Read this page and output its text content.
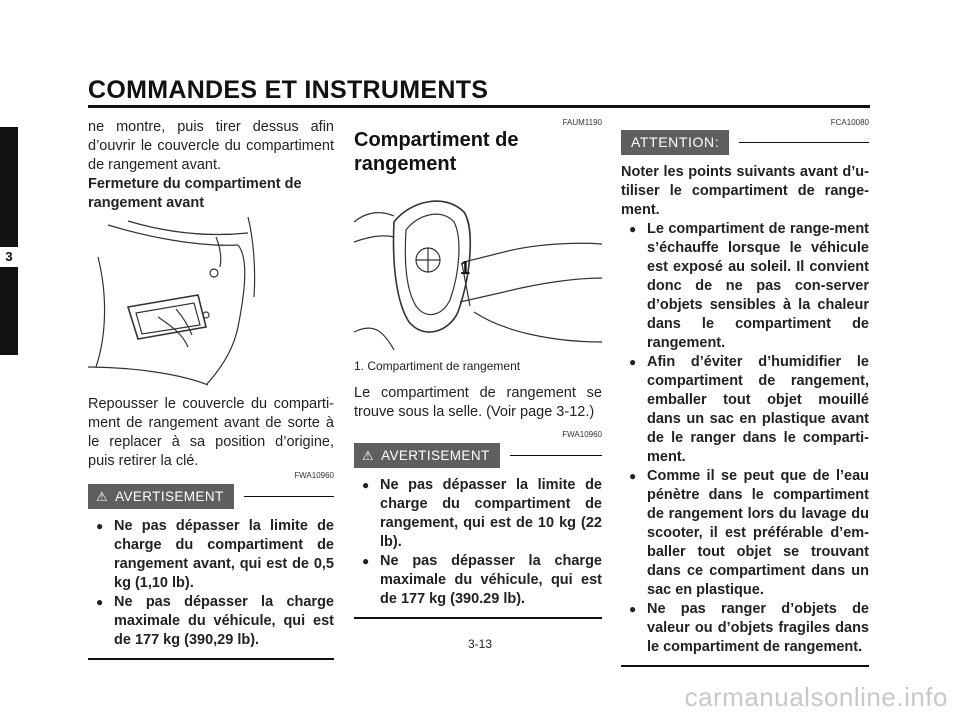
COMMANDES ET INSTRUMENTS
3

ne montre, puis tirer dessus afin d’ouvrir le couvercle du compartiment de rangement avant.

Fermeture du compartiment de rangement avant

Repousser le couvercle du comparti-ment de rangement avant de sorte à le replacer à sa position d’origine, puis retirer la clé.

FWA10960
⚠ AVERTISEMENT
● Ne pas dépasser la limite de charge du compartiment de rangement avant, qui est de 0,5 kg (1,10 lb).
● Ne pas dépasser la charge maximale du véhicule, qui est de 177 kg (390,29 lb).
FAUM1190
Compartiment de rangement
1
1. Compartiment de rangement

Le compartiment de rangement se trouve sous la selle. (Voir page 3-12.)

FWA10960
⚠ AVERTISEMENT
● Ne pas dépasser la limite de charge du compartiment de rangement, qui est de 10 kg (22 lb).
● Ne pas dépasser la charge maximale du véhicule, qui est de 177 kg (390.29 lb).
FCA10080
ATTENTION:

Noter les points suivants avant d’u-tiliser le compartiment de range-ment.

● Le compartiment de range-ment s’échauffe lorsque le véhicule est exposé au soleil. Il convient donc de ne pas con-server d’objets sensibles à la chaleur dans le compartiment de rangement.
● Afin d’éviter d’humidifier le compartiment de rangement, emballer tout objet mouillé dans un sac en plastique avant de le ranger dans le comparti-ment.
● Comme il se peut que de l’eau pénètre dans le compartiment de rangement lors du lavage du scooter, il est préférable d’em-baller tout objet se trouvant dans ce compartiment dans un sac en plastique.
● Ne pas ranger d’objets de valeur ou d’objets fragiles dans le compartiment de rangement.
3-13
carmanualsonline.info
